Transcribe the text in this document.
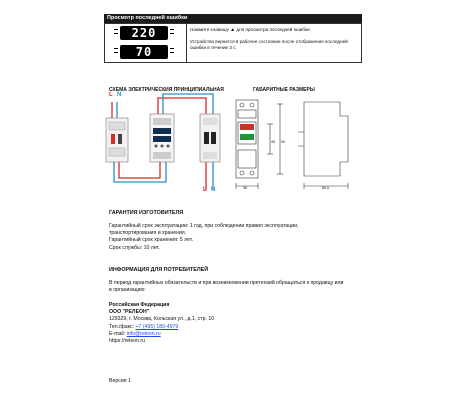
Просмотр последней ошибки
220
70
Нажмите клавишу ▲ для просмотра последней ошибки.
Устройство вернется в рабочее состояние после отображения последней ошибки в течение 3 с.
СХЕМА ЭЛЕКТРИЧЕСКИЯ ПРИНЦИПИАЛЬНАЯ	ГАБАРИТНЫЕ РАЗМЕРЫ
L N
L N	36	66.5
90
45
ГАРАНТИЯ ИЗГОТОВИТЕЛЯ
Гарантийный срок эксплуатации: 1 год, при соблюдении правил эксплуатации,
транспортирования и хранения.
Гарантийный срок хранения: 5 лет.
Срок службы: 10 лет.
ИНФОРМАЦИЯ ДЛЯ ПОТРЕБИТЕЛЕЙ
В период гарантийных обязательств и при возникновении претензий обращаться к продавцу или
в организацию:
Российская Федерация
ООО "РЕЛЕОН"
129329, г. Москва, Кольская ул., д.1, стр. 10
Тел./факс: +7 (495) 180-4979
E-mail: info@releon.ru
https://releon.ru
Версия 1
